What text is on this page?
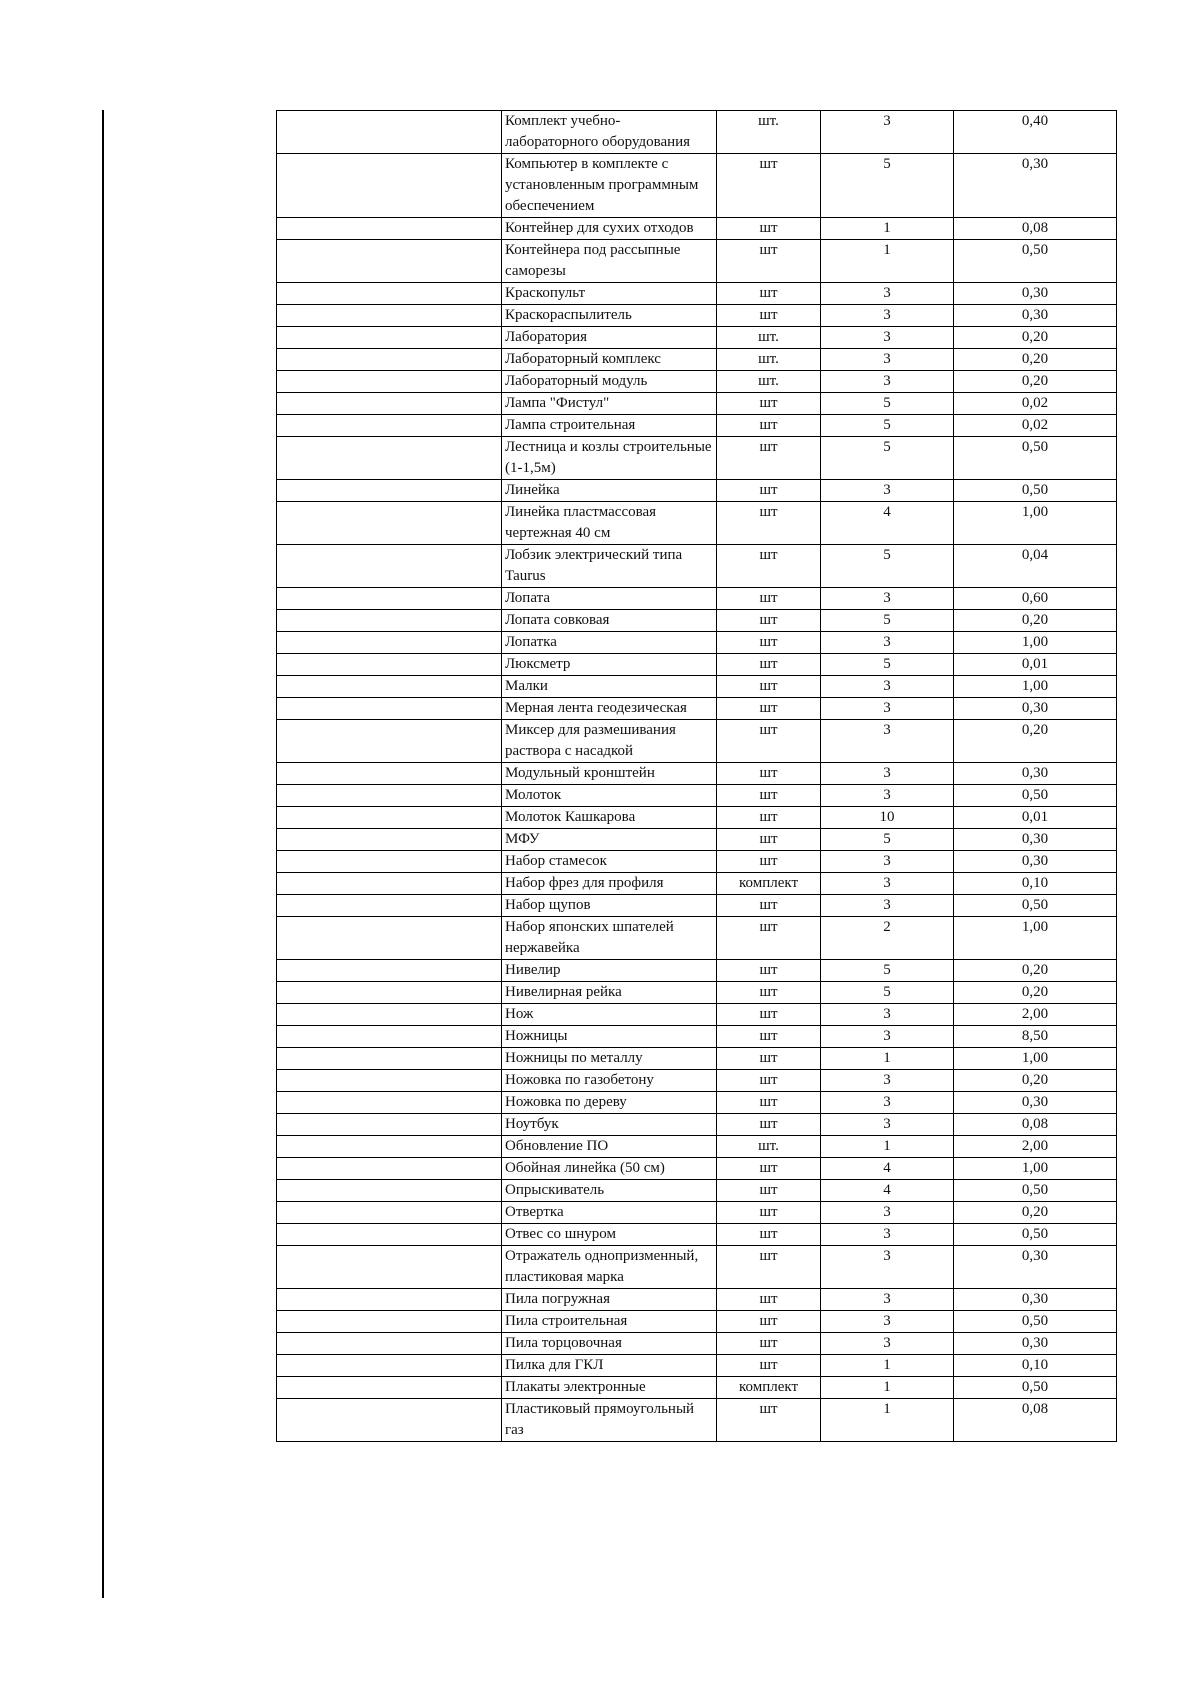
	Комплект учебно-лабораторного оборудования	шт.	3	0,40
	Компьютер в комплекте с установленным программным обеспечением	шт	5	0,30
	Контейнер для сухих отходов	шт	1	0,08
	Контейнера под рассыпные саморезы	шт	1	0,50
	Краскопульт	шт	3	0,30
	Краскораспылитель	шт	3	0,30
	Лаборатория	шт.	3	0,20
	Лабораторный комплекс	шт.	3	0,20
	Лабораторный модуль	шт.	3	0,20
	Лампа "Фистул"	шт	5	0,02
	Лампа строительная	шт	5	0,02
	Лестница и козлы строительные (1-1,5м)	шт	5	0,50
	Линейка	шт	3	0,50
	Линейка пластмассовая чертежная 40 см	шт	4	1,00
	Лобзик электрический типа Taurus	шт	5	0,04
	Лопата	шт	3	0,60
	Лопата совковая	шт	5	0,20
	Лопатка	шт	3	1,00
	Люксметр	шт	5	0,01
	Малки	шт	3	1,00
	Мерная лента геодезическая	шт	3	0,30
	Миксер для размешивания раствора с насадкой	шт	3	0,20
	Модульный кронштейн	шт	3	0,30
	Молоток	шт	3	0,50
	Молоток Кашкарова	шт	10	0,01
	МФУ	шт	5	0,30
	Набор стамесок	шт	3	0,30
	Набор фрез для профиля	комплект	3	0,10
	Набор щупов	шт	3	0,50
	Набор японских шпателей нержавейка	шт	2	1,00
	Нивелир	шт	5	0,20
	Нивелирная рейка	шт	5	0,20
	Нож	шт	3	2,00
	Ножницы	шт	3	8,50
	Ножницы по металлу	шт	1	1,00
	Ножовка по газобетону	шт	3	0,20
	Ножовка по дереву	шт	3	0,30
	Ноутбук	шт	3	0,08
	Обновление ПО	шт.	1	2,00
	Обойная линейка (50 см)	шт	4	1,00
	Опрыскиватель	шт	4	0,50
	Отвертка	шт	3	0,20
	Отвес со шнуром	шт	3	0,50
	Отражатель однопризменный, пластиковая марка	шт	3	0,30
	Пила погружная	шт	3	0,30
	Пила строительная	шт	3	0,50
	Пила торцовочная	шт	3	0,30
	Пилка для ГКЛ	шт	1	0,10
	Плакаты электронные	комплект	1	0,50
	Пластиковый прямоугольный газ	шт	1	0,08
